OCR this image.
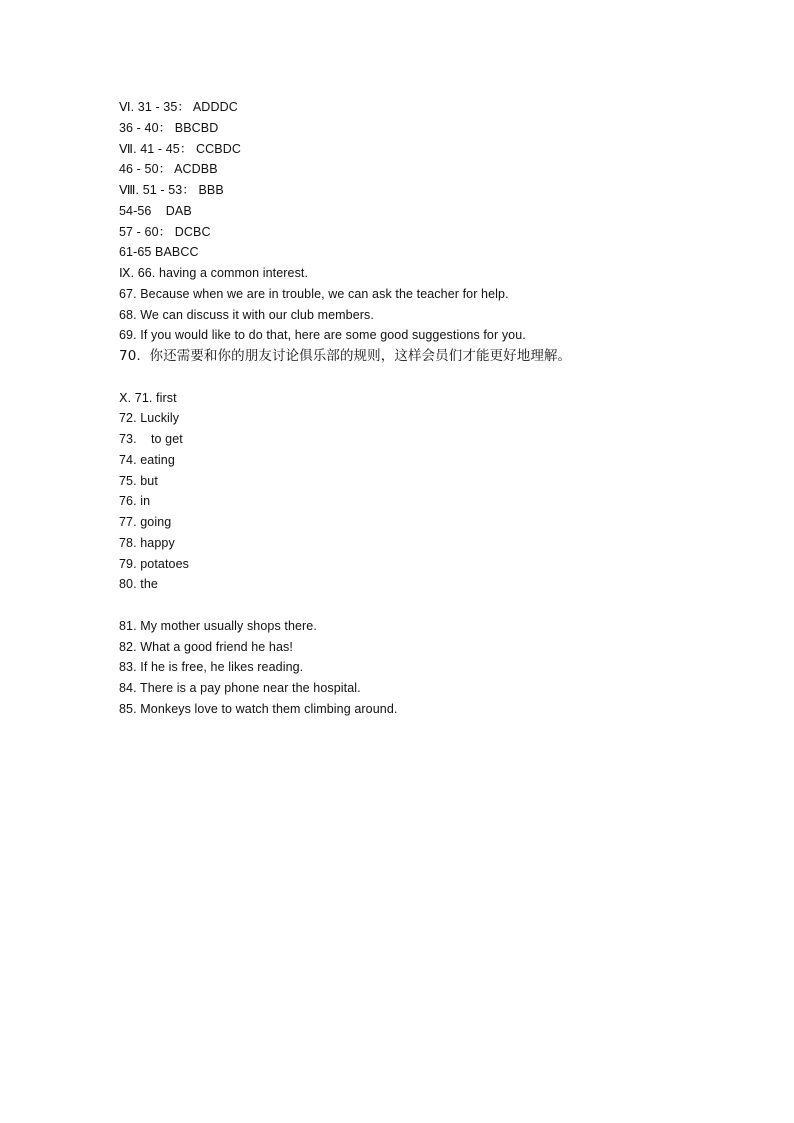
Ⅵ. 31 - 35： ADDDC
36 - 40： BBCBD
Ⅶ. 41 - 45： CCBDC
46 - 50： ACDBB
Ⅷ. 51 - 53： BBB
54-56    DAB
57 - 60： DCBC
61-65 BABCC
Ⅸ. 66. having a common interest.
67. Because when we are in trouble, we can ask the teacher for help.
68. We can discuss it with our club members.
69. If you would like to do that, here are some good suggestions for you.
70.  你还需要和你的朋友讨论俱乐部的规则，这样会员们才能更好地理解。
Ⅹ. 71. first
72. Luckily
73.    to get
74. eating
75. but
76. in
77. going
78. happy
79. potatoes
80. the
81. My mother usually shops there.
82. What a good friend he has!
83. If he is free, he likes reading.
84. There is a pay phone near the hospital.
85. Monkeys love to watch them climbing around.
